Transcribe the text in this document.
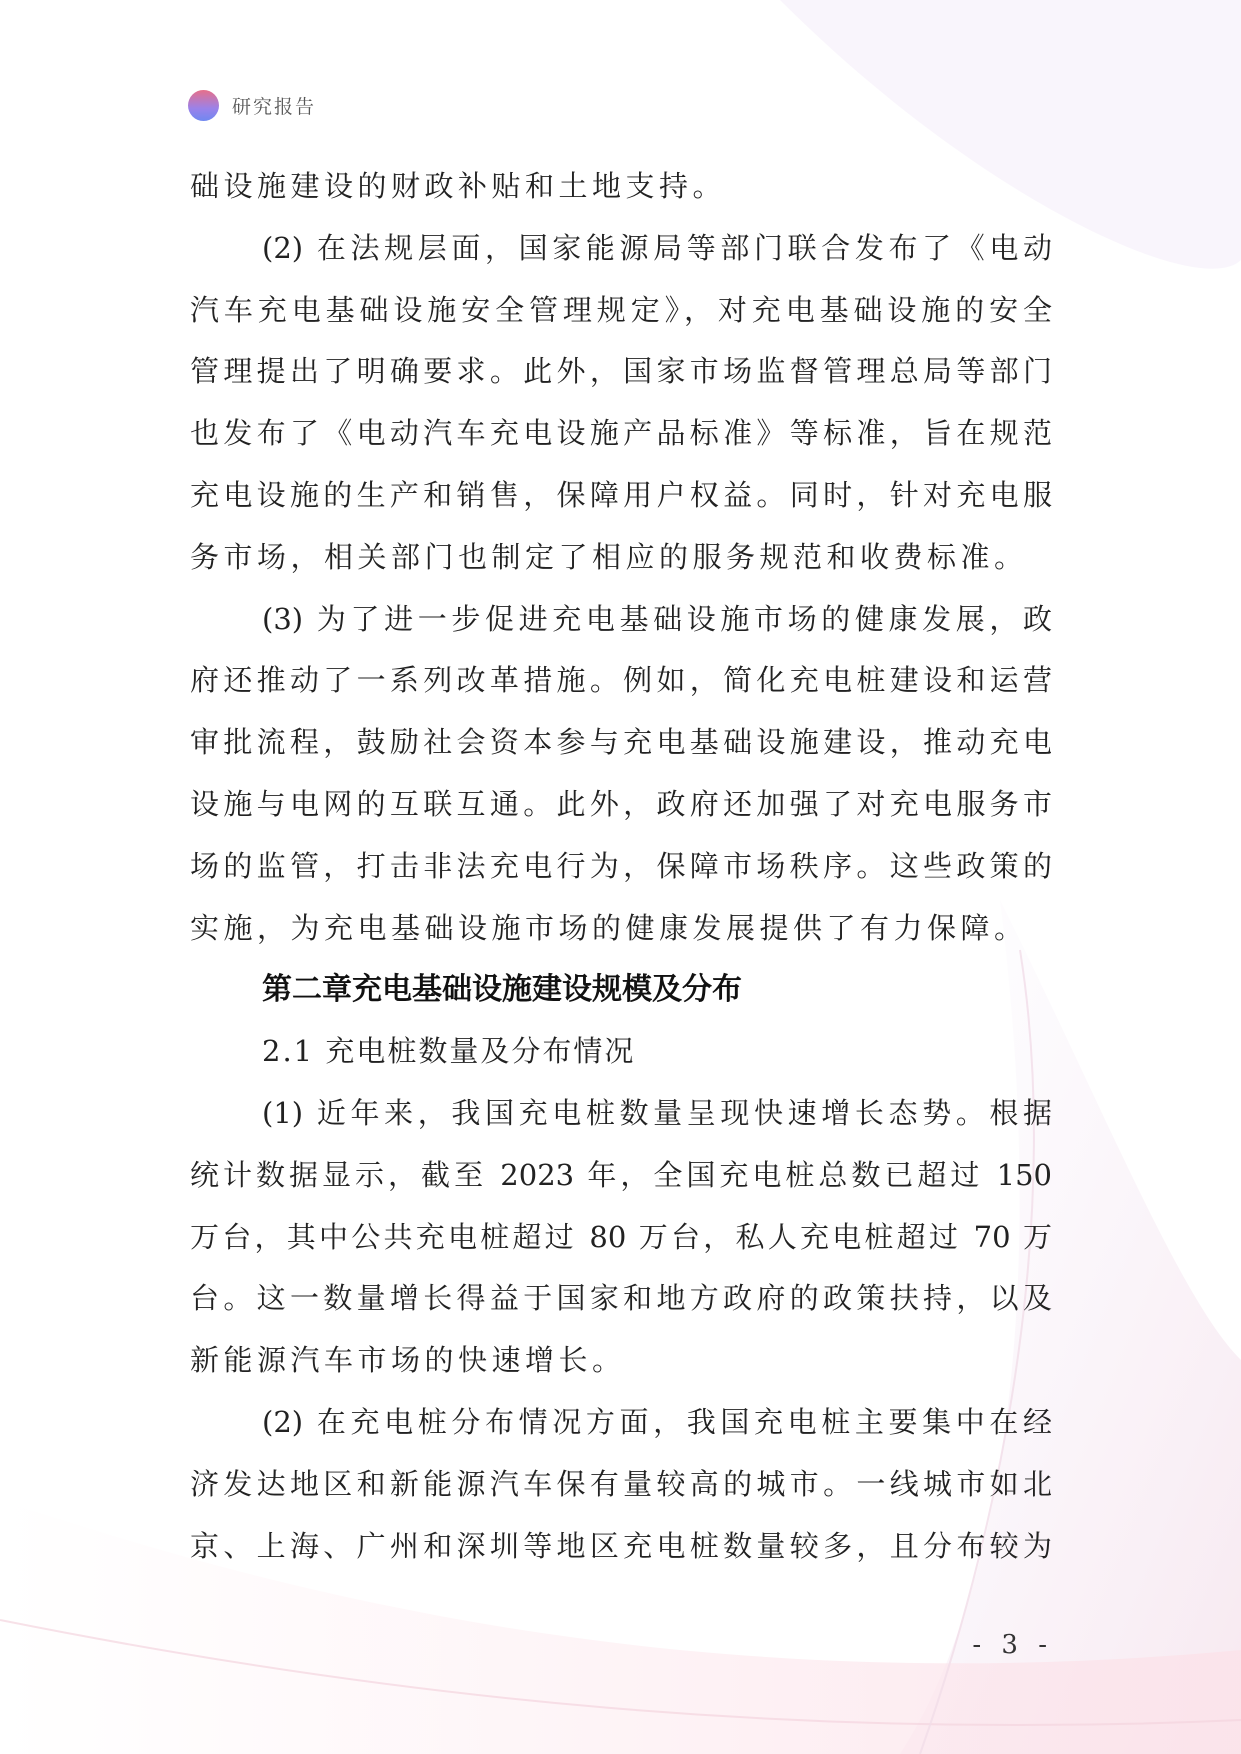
研究报告
础设施建设的财政补贴和土地支持。
(2) 在法规层面，国家能源局等部门联合发布了《电动
汽车充电基础设施安全管理规定》，对充电基础设施的安全
管理提出了明确要求。此外，国家市场监督管理总局等部门
也发布了《电动汽车充电设施产品标准》等标准，旨在规范
充电设施的生产和销售，保障用户权益。同时，针对充电服
务市场，相关部门也制定了相应的服务规范和收费标准。
(3) 为了进一步促进充电基础设施市场的健康发展，政
府还推动了一系列改革措施。例如，简化充电桩建设和运营
审批流程，鼓励社会资本参与充电基础设施建设，推动充电
设施与电网的互联互通。此外，政府还加强了对充电服务市
场的监管，打击非法充电行为，保障市场秩序。这些政策的
实施，为充电基础设施市场的健康发展提供了有力保障。
第二章充电基础设施建设规模及分布
2.1 充电桩数量及分布情况
(1) 近年来，我国充电桩数量呈现快速增长态势。根据
统计数据显示，截至 2023 年，全国充电桩总数已超过 150
万台，其中公共充电桩超过 80 万台，私人充电桩超过 70 万
台。这一数量增长得益于国家和地方政府的政策扶持，以及
新能源汽车市场的快速增长。
(2) 在充电桩分布情况方面，我国充电桩主要集中在经
济发达地区和新能源汽车保有量较高的城市。一线城市如北
京、上海、广州和深圳等地区充电桩数量较多，且分布较为
- 3 -
